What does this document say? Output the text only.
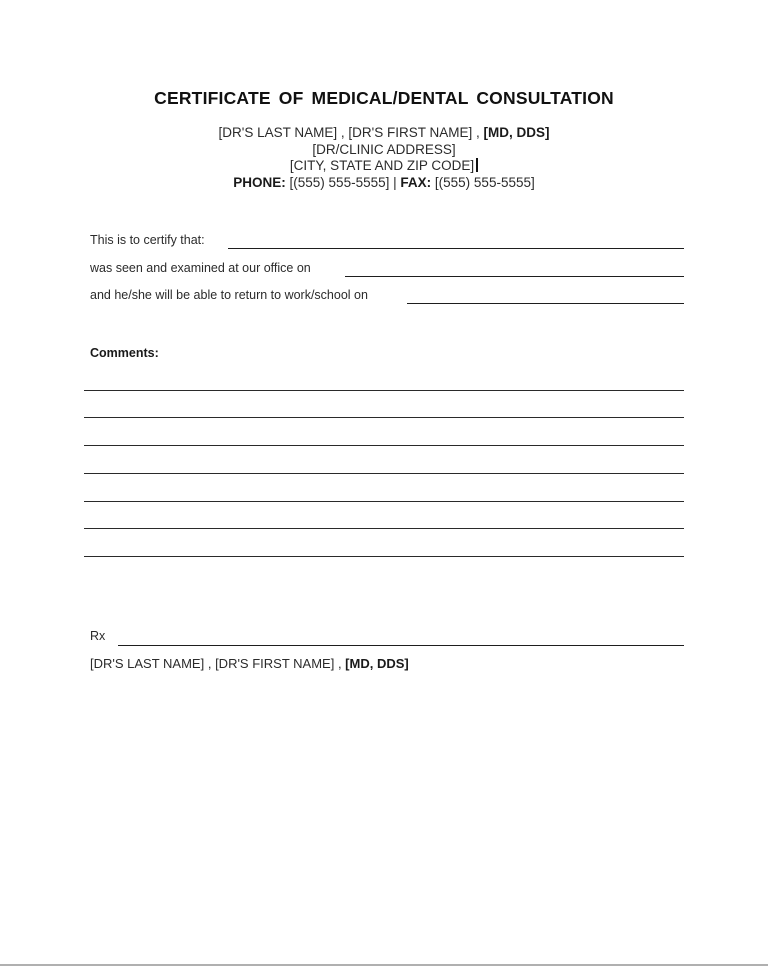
CERTIFICATE OF MEDICAL/DENTAL CONSULTATION
[DR'S LAST NAME] , [DR'S FIRST NAME] , [MD, DDS]
[DR/CLINIC ADDRESS]
[CITY, STATE AND ZIP CODE]
PHONE: [(555) 555-5555] | FAX: [(555) 555-5555]
This is to certify that:
was seen and examined at our office on
and he/she will be able to return to work/school on
Comments:
Rx
[DR'S LAST NAME] , [DR'S FIRST NAME] , [MD, DDS]
